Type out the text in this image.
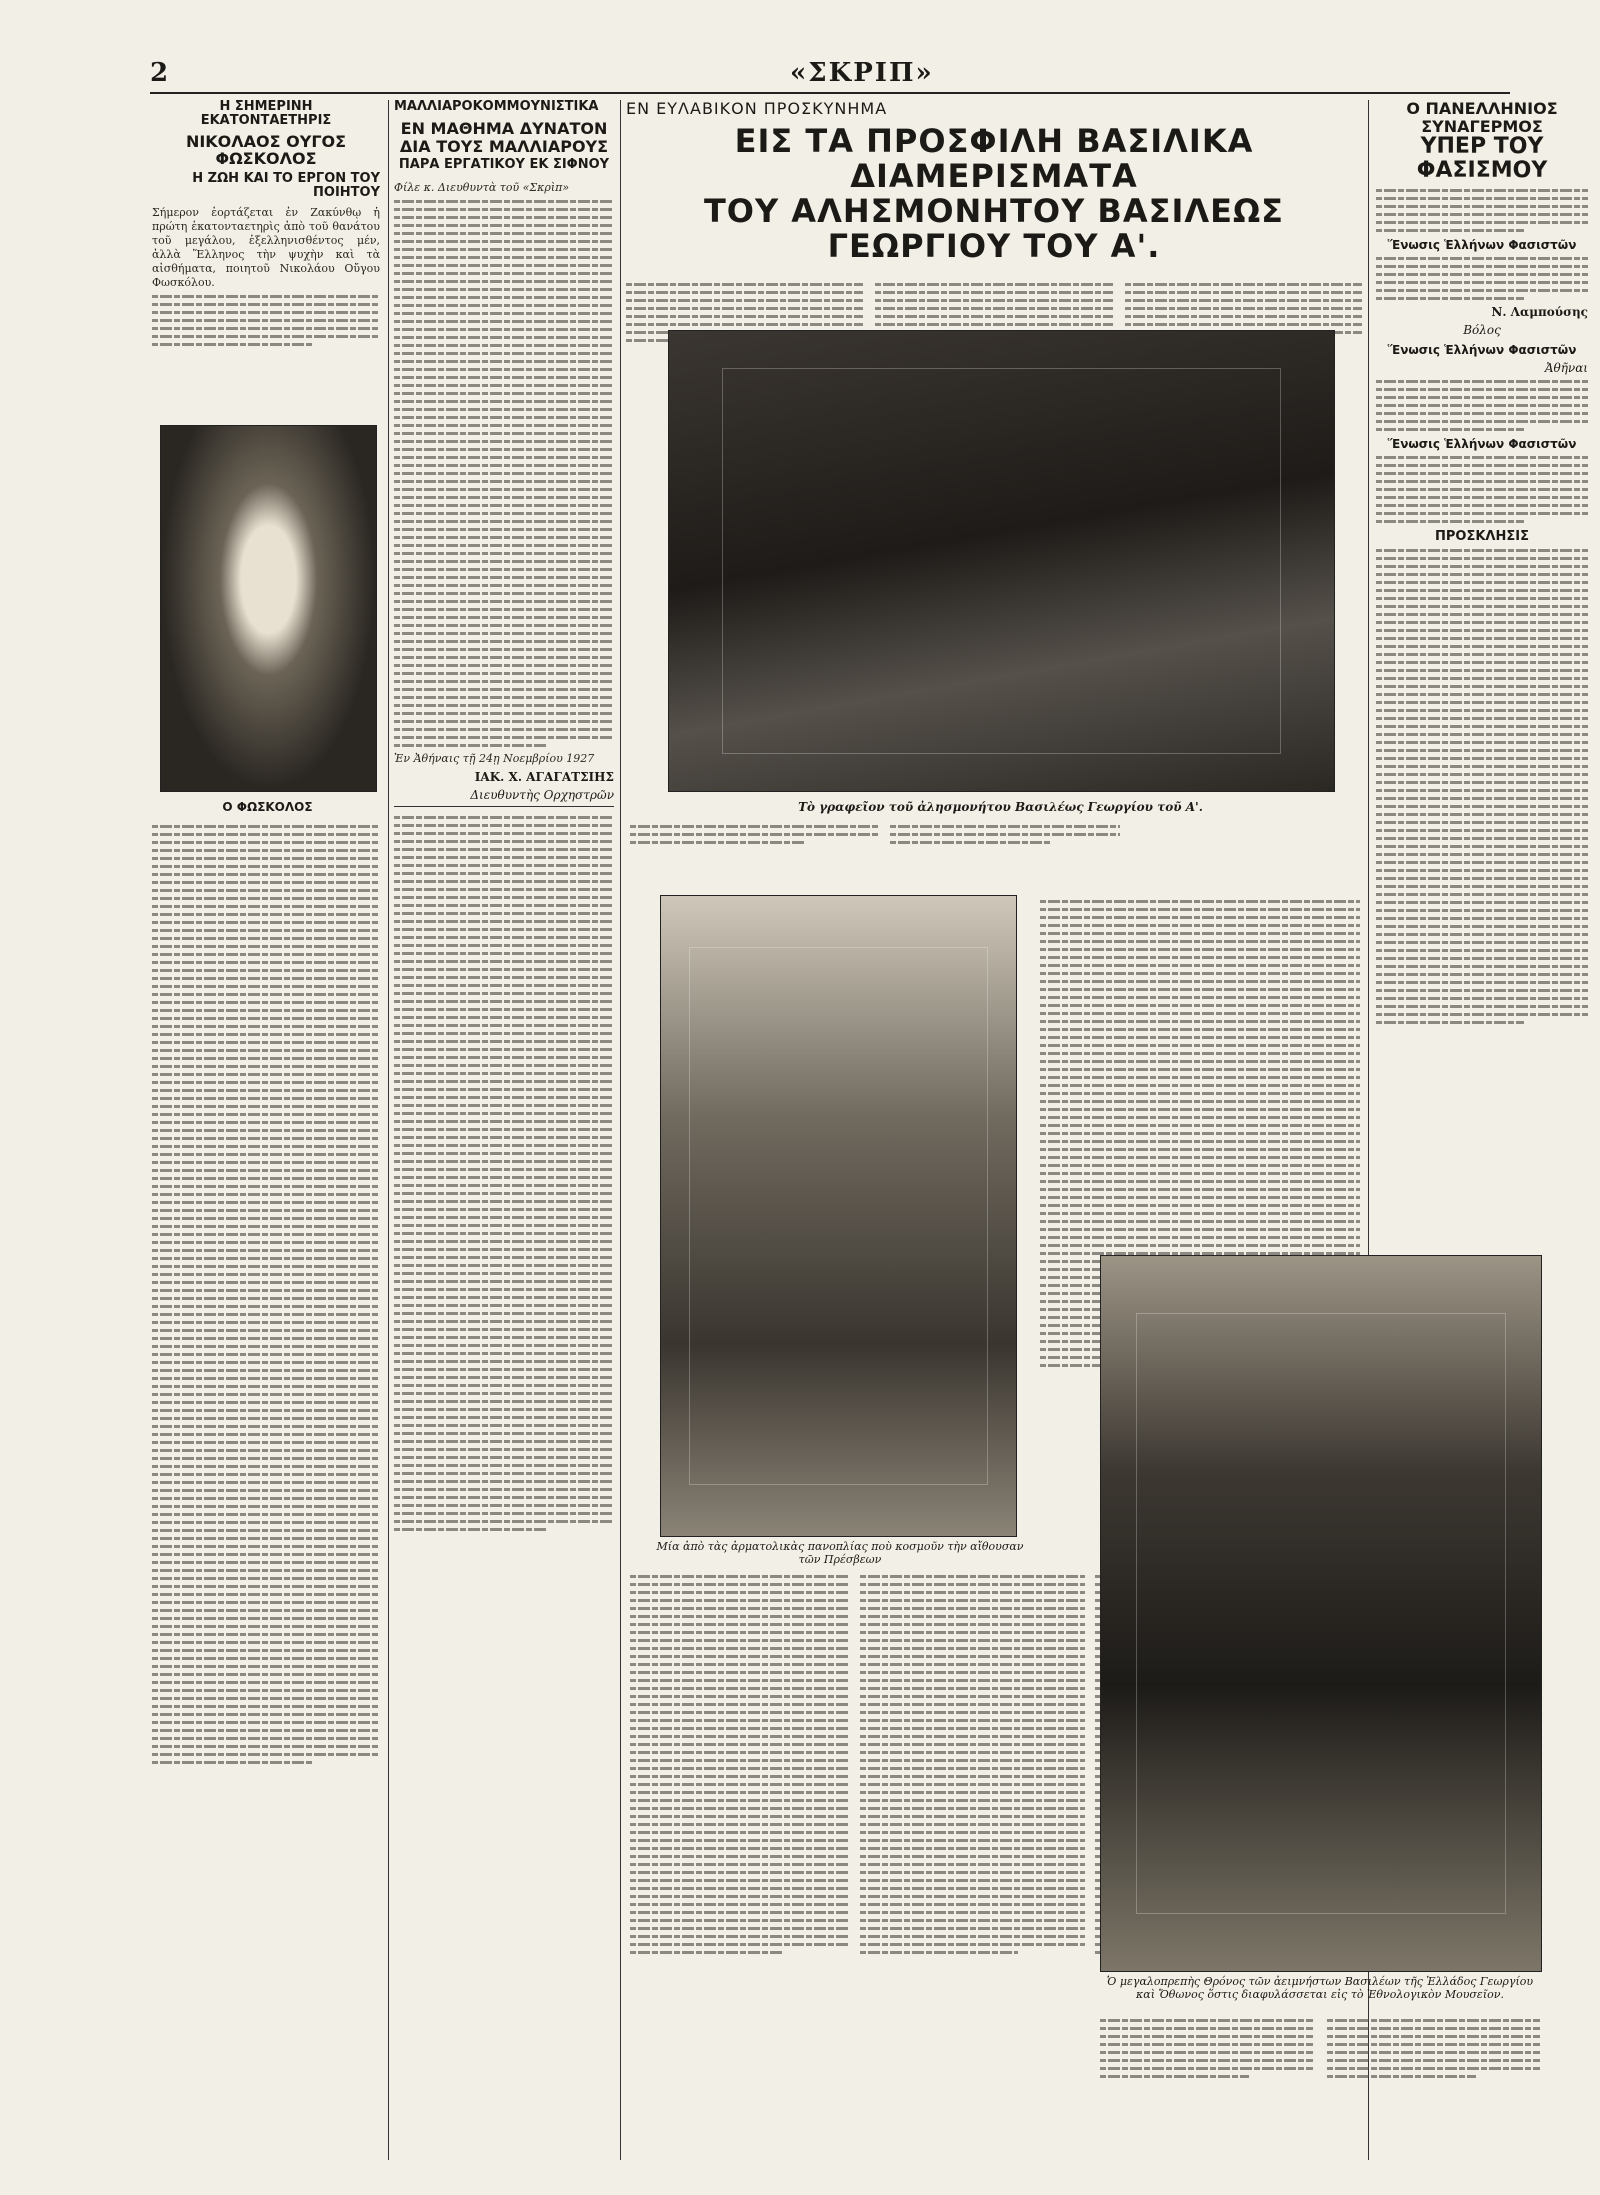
2	«ΣΚΡΙΠ»
Η ΣΗΜΕΡΙΝΗ ΕΚΑΤΟΝΤΑΕΤΗΡΙΣ
ΝΙΚΟΛΑΟΣ ΟΥΓΟΣ ΦΩΣΚΟΛΟΣ
Η ΖΩΗ ΚΑΙ ΤΟ ΕΡΓΟΝ ΤΟΥ ΠΟΙΗΤΟΥ
Σήμερον ἑορτάζεται ἐν Ζακύνθῳ ἡ πρώτη ἑκατονταετηρὶς ἀπὸ τοῦ θανάτου τοῦ μεγάλου, ἐξελληνισθέντος μέν, ἀλλὰ Ἕλληνος τὴν ψυχὴν καὶ τὰ αἰσθήματα, ποιητοῦ Νικολάου Οὔγου Φωσκόλου.
Ο ΦΩΣΚΟΛΟΣ
ΜΑΛΛΙΑΡΟΚΟΜΜΟΥΝΙΣΤΙΚΑ
ΕΝ ΜΑΘΗΜΑ ΔΥΝΑΤΟΝ
ΔΙΑ ΤΟΥΣ ΜΑΛΛΙΑΡΟΥΣ
ΠΑΡΑ ΕΡΓΑΤΙΚΟΥ ΕΚ ΣΙΦΝΟΥ
Φίλε κ. Διευθυντὰ τοῦ «Σκρὶπ»
Ἐν Ἀθήναις τῇ 24ῃ Νοεμβρίου 1927
ΙΑΚ. Χ. ΑΓΑΓΑΤΣΙΗΣ
Διευθυντὴς Ορχηστρῶν
ΕΝ ΕΥΛΑΒΙΚΟΝ ΠΡΟΣΚΥΝΗΜΑ
ΕΙΣ ΤΑ ΠΡΟΣΦΙΛΗ ΒΑΣΙΛΙΚΑ ΔΙΑΜΕΡΙΣΜΑΤΑ
ΤΟΥ ΑΛΗΣΜΟΝΗΤΟΥ ΒΑΣΙΛΕΩΣ ΓΕΩΡΓΙΟΥ ΤΟΥ Α'.
Τὸ γραφεῖον τοῦ ἀλησμονήτου Βασιλέως Γεωργίου τοῦ Α'.
Μία ἀπὸ τὰς ἀρματολικὰς πανοπλίας ποὺ κοσμοῦν τὴν αἴθουσαν τῶν Πρέσβεων
Ὁ μεγαλοπρεπὴς Θρόνος τῶν ἀειμνήστων Βασιλέων τῆς Ἑλλάδος Γεωργίου καὶ Ὄθωνος ὅστις διαφυλάσσεται εἰς τὸ Ἐθνολογικὸν Μουσεῖον.
Ο ΠΑΝΕΛΛΗΝΙΟΣ ΣΥΝΑΓΕΡΜΟΣ
ΥΠΕΡ ΤΟΥ ΦΑΣΙΣΜΟΥ
Ἕνωσις Ἑλλήνων Φασιστῶν
Ν. Λαμπούσης
Βόλος
Ἕνωσις Ἑλλήνων Φασιστῶν
Ἀθῆναι
Ἕνωσις Ἑλλήνων Φασιστῶν
ΠΡΟΣΚΛΗΣΙΣ
